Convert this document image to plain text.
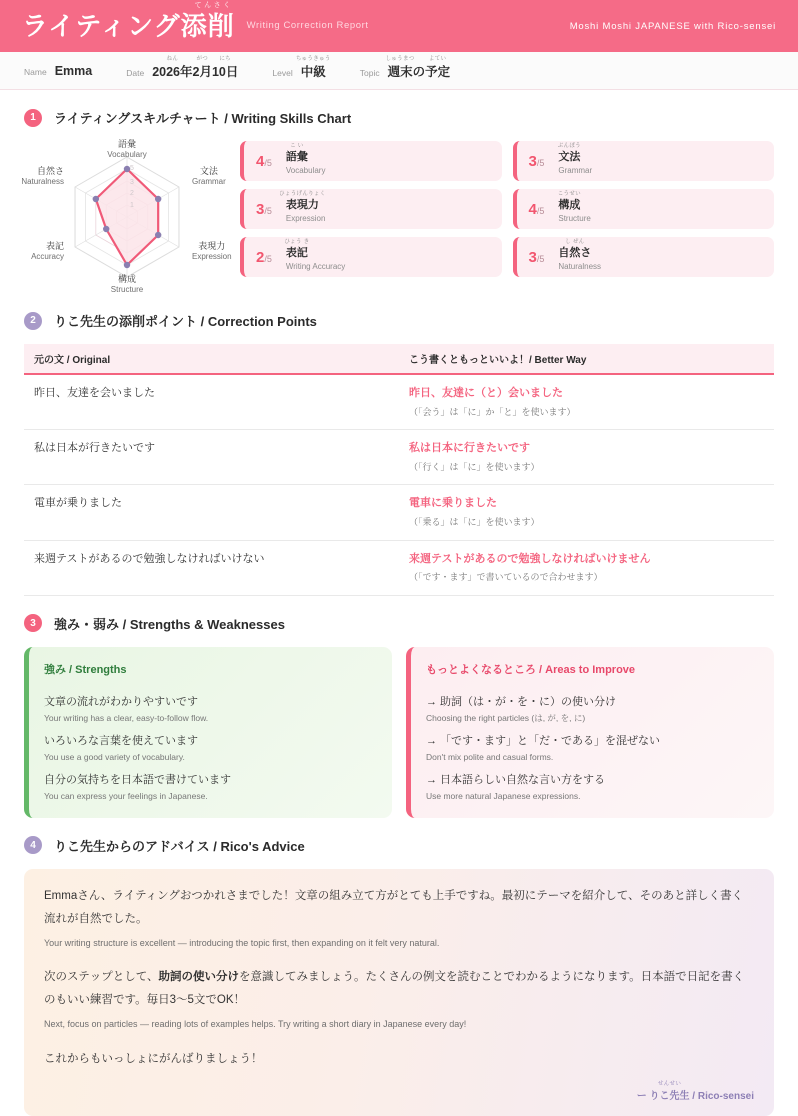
てんさく
ライティング添削 Writing Correction Report	Moshi Moshi JAPANESE with Rico-sensei
Name Emma	Date 2026
ねん
年2
がつ
月10
にち
日	Level
ちゅうきゅう
中級	Topic
しゅうまつ
週末の
よてい
予定
1	ライティングスキルチャート / Writing Skills Chart
5
3
2
1
語彙
Vocabulary
文法
Grammar
表現力
Expression
構成
Structure
表記
Accuracy
自然さ
Naturalness
4/5
こ い
語彙
Vocabulary
3/5
ひょうげんりょく
表現力
Expression
2/5
ひょう き
表記
Writing Accuracy
3/5
ぶんぽう
文法
Grammar
4/5
こうせい
構成
Structure
3/5
し ぜん
自然さ
Naturalness
2	りこ先生の添削ポイント / Correction Points
元の文 / Original	こう書くともっといいよ！/ Better Way

昨日、友達を会いました	昨日、友達に（と）会いました
（「会う」は「に」か「と」を使います）

私は日本が行きたいです	私は日本に行きたいです
（「行く」は「に」を使います）

電車が乗りました	電車に乗りました
（「乗る」は「に」を使います）

来週テストがあるので勉強しなければいけない	来週テストがあるので勉強しなければいけません
（「です・ます」で書いているので合わせます）
3	強み・弱み / Strengths & Weaknesses
強み / Strengths
文章の流れがわかりやすいです
Your writing has a clear, easy-to-follow flow.
いろいろな言葉を使えています
You use a good variety of vocabulary.
自分の気持ちを日本語で書けています
You can express your feelings in Japanese.
もっとよくなるところ / Areas to Improve
→ 助詞（は・が・を・に）の使い分け
Choosing the right particles (は, が, を, に)
→ 「です・ます」と「だ・である」を混ぜない
Don't mix polite and casual forms.
→ 日本語らしい自然な言い方をする
Use more natural Japanese expressions.
4	りこ先生からのアドバイス / Rico's Advice
Emmaさん、ライティングおつかれさまでした！文章の組み立て方がとても上手ですね。最初にテーマを紹介して、そのあと詳しく書く流れが自然でした。
Your writing structure is excellent — introducing the topic first, then expanding on it felt very natural.
次のステップとして、助詞の使い分けを意識してみましょう。たくさんの例文を読むことでわかるようになります。日本語で日記を書くのもいい練習です。毎日3〜5文でOK！
Next, focus on particles — reading lots of examples helps. Try writing a short diary in Japanese every day!
これからもいっしょにがんばりましょう！
ー
せんせい
りこ先生 / Rico-sensei
